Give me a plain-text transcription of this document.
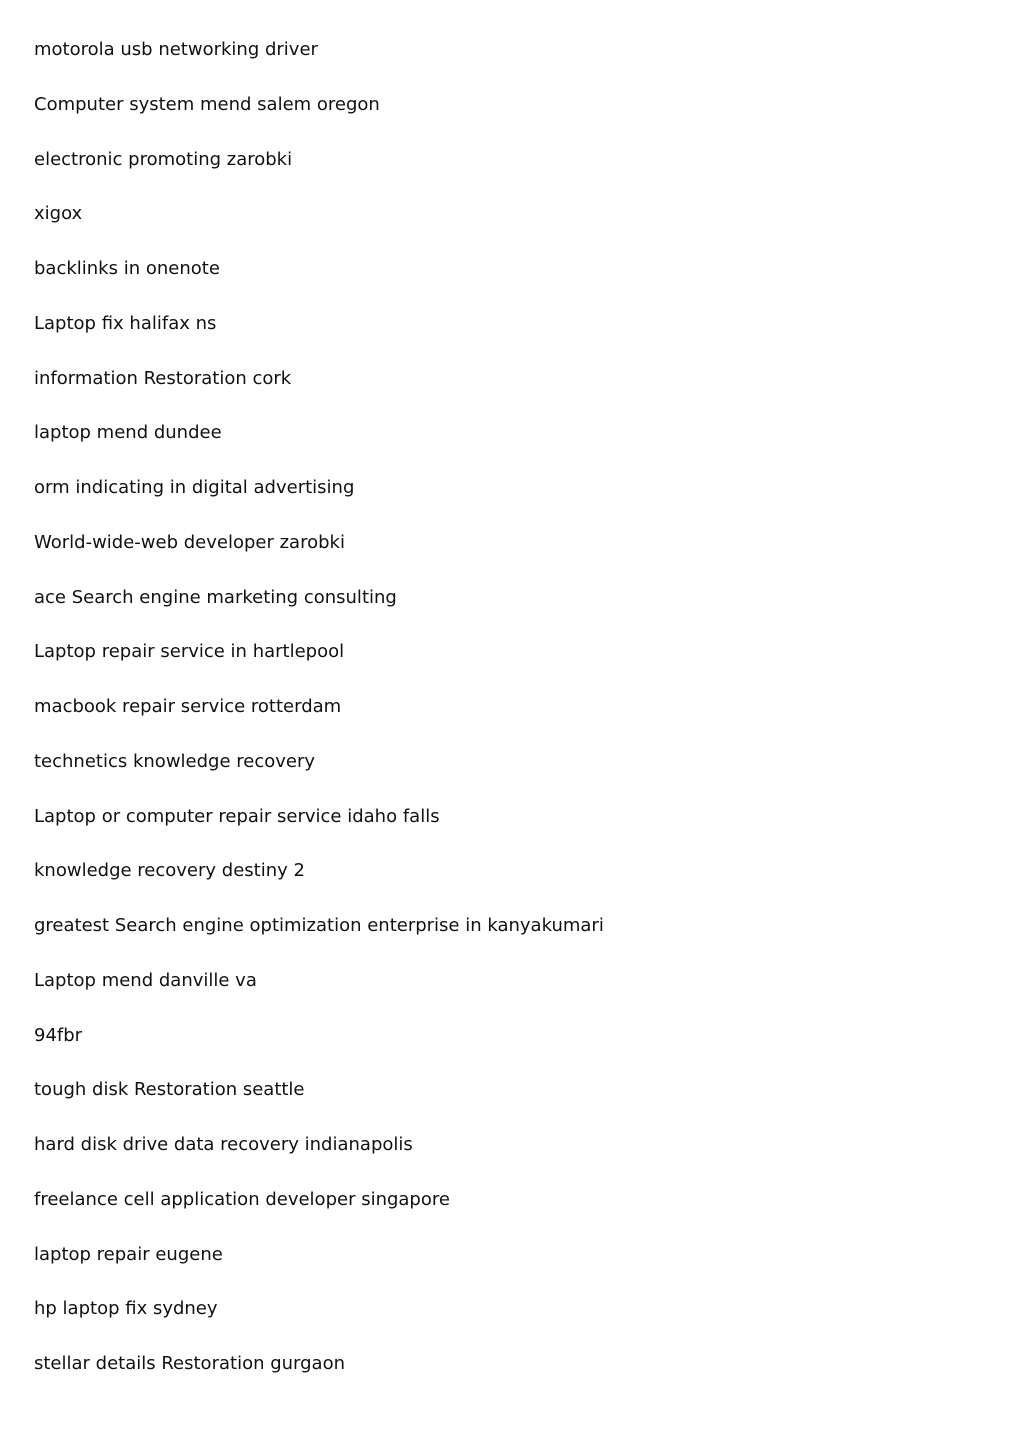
motorola usb networking driver
Computer system mend salem oregon
electronic promoting zarobki
xigox
backlinks in onenote
Laptop fix halifax ns
information Restoration cork
laptop mend dundee
orm indicating in digital advertising
World-wide-web developer zarobki
ace Search engine marketing consulting
Laptop repair service in hartlepool
macbook repair service rotterdam
technetics knowledge recovery
Laptop or computer repair service idaho falls
knowledge recovery destiny 2
greatest Search engine optimization enterprise in kanyakumari
Laptop mend danville va
94fbr
tough disk Restoration seattle
hard disk drive data recovery indianapolis
freelance cell application developer singapore
laptop repair eugene
hp laptop fix sydney
stellar details Restoration gurgaon
